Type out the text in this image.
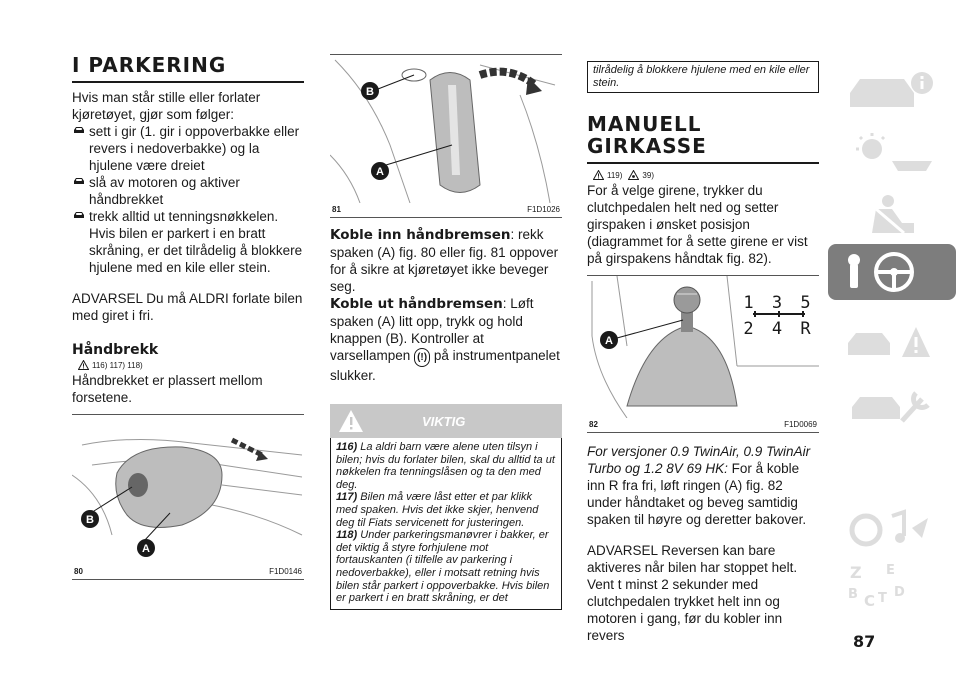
I PARKERING

Hvis man står stille eller forlater kjøretøyet, gjør som følger:

sett i gir (1. gir i oppoverbakke eller revers i nedoverbakke) og la hjulene være dreiet

slå av motoren og aktiver håndbrekket

trekk alltid ut tenningsnøkkelen. Hvis bilen er parkert i en bratt skråning, er det tilrådelig å blokkere hjulene med en kile eller stein.

ADVARSEL Du må ALDRI forlate bilen med giret i fri.

Håndbrekk
116) 117) 118)

Håndbrekket er plassert mellom forsetene.

B
A
80	F1D0146
B
A
81	F1D1026

Koble inn håndbremsen: rekk spaken (A) fig. 80 eller fig. 81 oppover for å sikre at kjøretøyet ikke beveger seg.

Koble ut håndbremsen: Løft spaken (A) litt opp, trykk og hold knappen (B). Kontroller at varsellampen (!) på instrumentpanelet slukker.

VIKTIG

116) La aldri barn være alene uten tilsyn i bilen; hvis du forlater bilen, skal du alltid ta ut nøkkelen fra tenningslåsen og ta den med deg.

117) Bilen må være låst etter et par klikk med spaken. Hvis det ikke skjer, henvend deg til Fiats servicenett for justeringen.

118) Under parkeringsmanøvrer i bakker, er det viktig å styre forhjulene mot fortauskanten (i tilfelle av parkering i nedoverbakke), eller i motsatt retning hvis bilen står parkert i oppoverbakke. Hvis bilen er parkert i en bratt skråning, er det

tilrådelig å blokkere hjulene med en kile eller stein.

MANUELL GIRKASSE
119)	39)

For å velge girene, trykker du clutchpedalen helt ned og setter girspaken i ønsket posisjon (diagrammet for å sette girene er vist på girspakens håndtak fig. 82).

A
1 3 5
2 4 R
82	F1D0069

For versjoner 0.9 TwinAir, 0.9 TwinAir Turbo og 1.2 8V 69 HK: For å koble inn R fra fri, løft ringen (A) fig. 82 under håndtaket og beveg samtidig spaken til høyre og deretter bakover.

ADVARSEL Reversen kan bare aktiveres når bilen har stoppet helt. Vent t minst 2 sekunder med clutchpedalen trykket helt inn og motoren i gang, før du kobler inn revers

Z E
B C T D
87
